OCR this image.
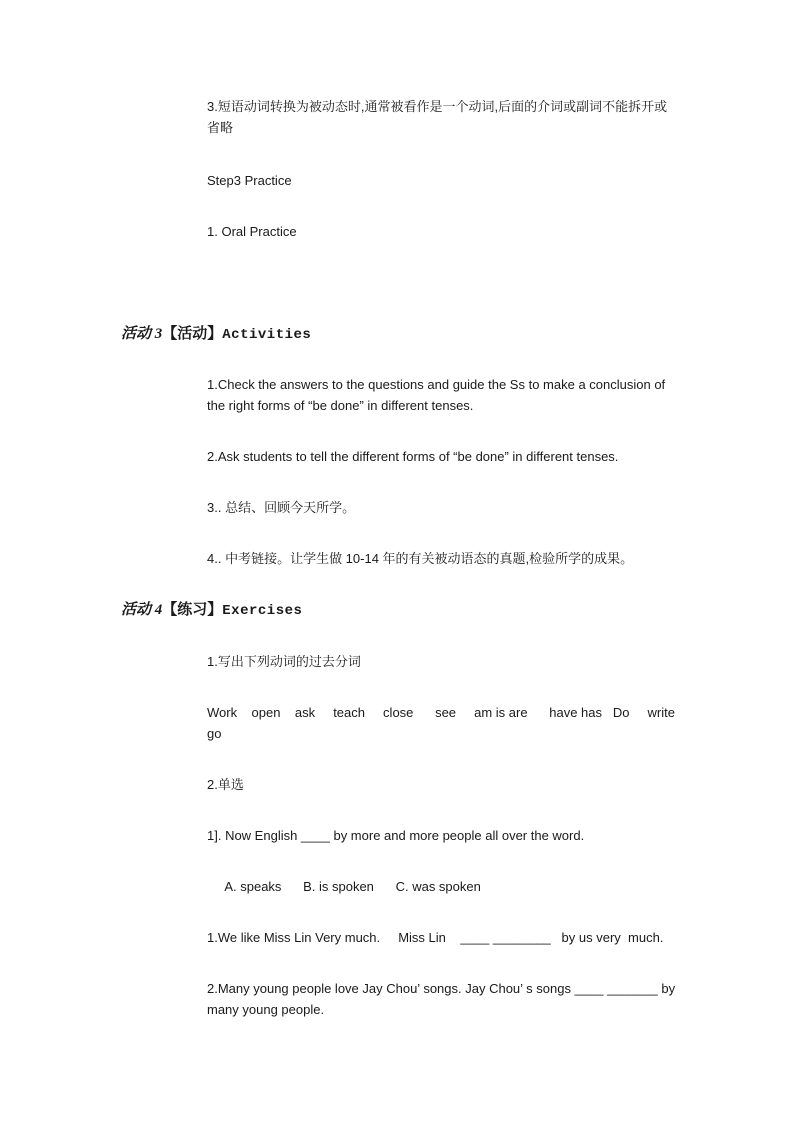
3.短语动词转换为被动态时,通常被看作是一个动词,后面的介词或副词不能拆开或省略

Step3 Practice

1. Oral Practice

活动 3【活动】Activities

1.Check the answers to the questions and guide the Ss to make a conclusion of the right forms of “be done” in different tenses.

2.Ask students to tell the different forms of “be done” in different tenses.

3.. 总结、回顾今天所学。

4.. 中考链接。让学生做 10-14 年的有关被动语态的真题,检验所学的成果。

活动 4【练习】Exercises

1.写出下列动词的过去分词

Work    open    ask     teach     close      see     am is are      have has   Do     write

go

2.单选

1]. Now English ____ by more and more people all over the word.

A. speaks      B. is spoken      C. was spoken

1.We like Miss Lin Very much.     Miss Lin    ____ ________   by us very  much.

2.Many young people love Jay Chou’ songs. Jay Chou’ s songs ____ _______ by many young people.
